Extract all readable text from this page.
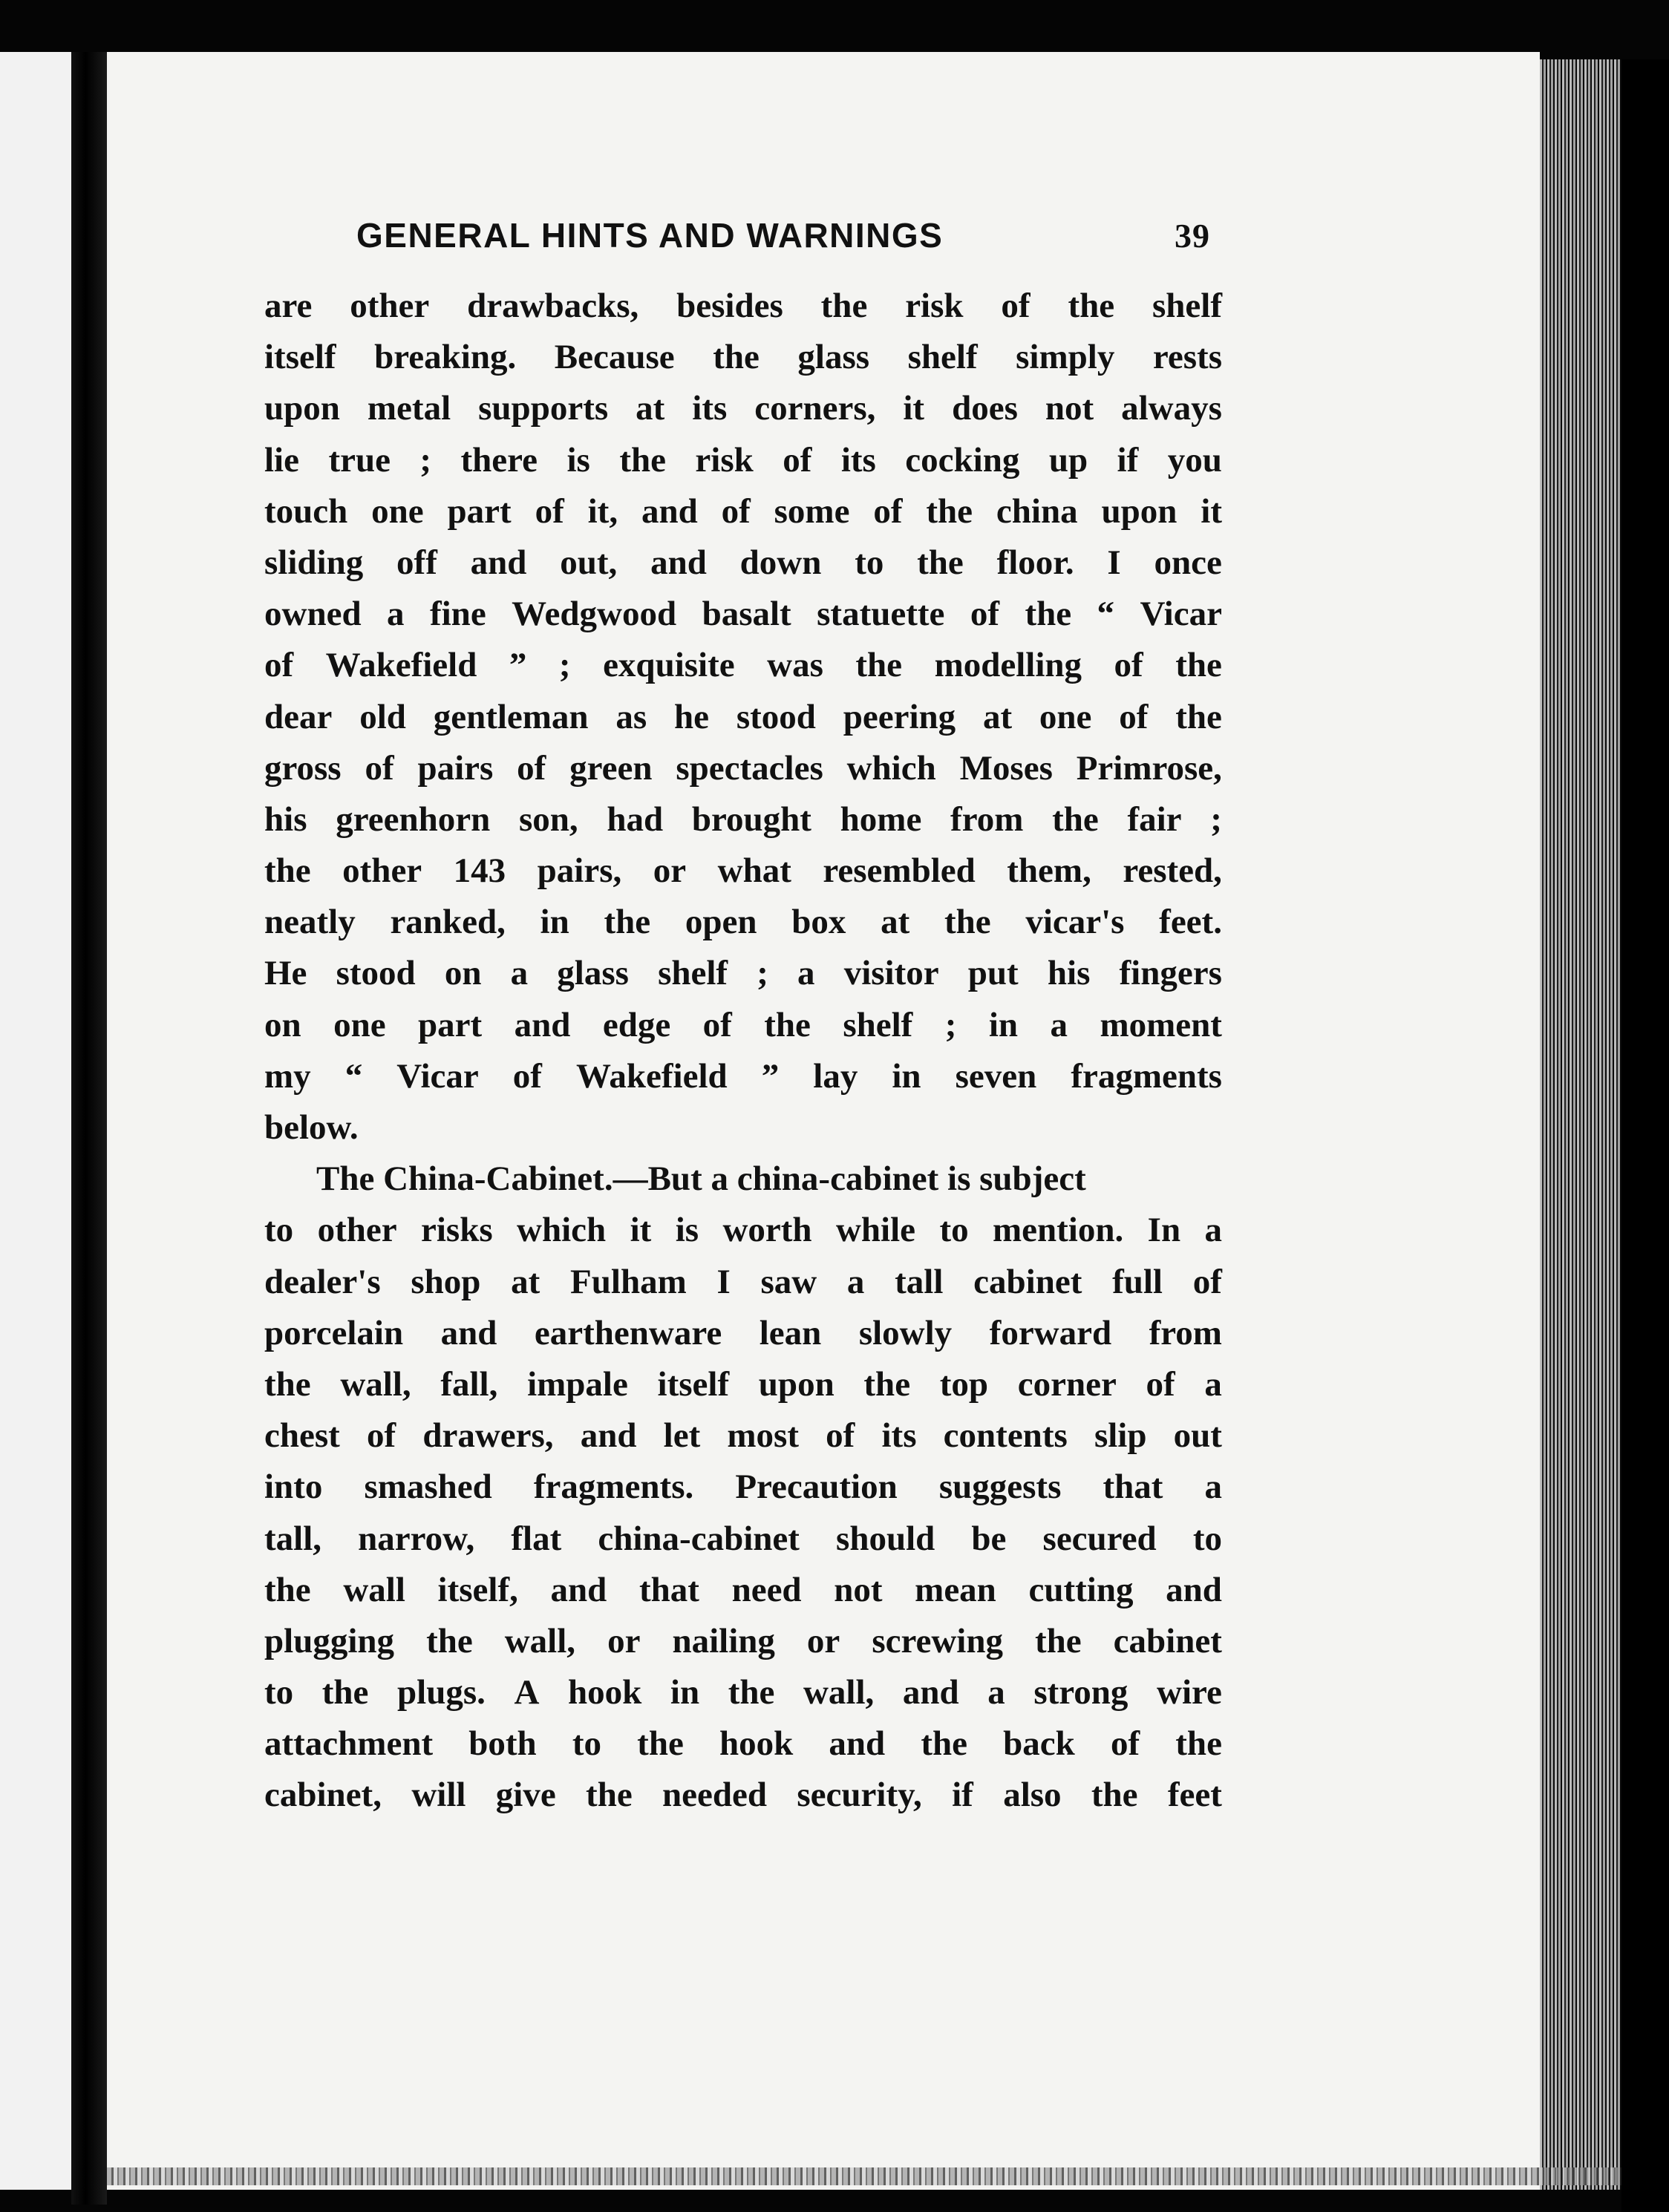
GENERAL HINTS AND WARNINGS	39
are other drawbacks, besides the risk of the shelf
itself breaking. Because the glass shelf simply rests
upon metal supports at its corners, it does not always
lie true ; there is the risk of its cocking up if you
touch one part of it, and of some of the china upon it
sliding off and out, and down to the floor. I once
owned a fine Wedgwood basalt statuette of the “ Vicar
of Wakefield ” ; exquisite was the modelling of the
dear old gentleman as he stood peering at one of the
gross of pairs of green spectacles which Moses Primrose,
his greenhorn son, had brought home from the fair ;
the other 143 pairs, or what resembled them, rested,
neatly ranked, in the open box at the vicar's feet.
He stood on a glass shelf ; a visitor put his fingers
on one part and edge of the shelf ; in a moment
my “ Vicar of Wakefield ” lay in seven fragments
below.
The China-Cabinet.—But a china-cabinet is subject
to other risks which it is worth while to mention. In a
dealer's shop at Fulham I saw a tall cabinet full of
porcelain and earthenware lean slowly forward from
the wall, fall, impale itself upon the top corner of a
chest of drawers, and let most of its contents slip out
into smashed fragments. Precaution suggests that a
tall, narrow, flat china-cabinet should be secured to
the wall itself, and that need not mean cutting and
plugging the wall, or nailing or screwing the cabinet
to the plugs. A hook in the wall, and a strong wire
attachment both to the hook and the back of the
cabinet, will give the needed security, if also the feet
